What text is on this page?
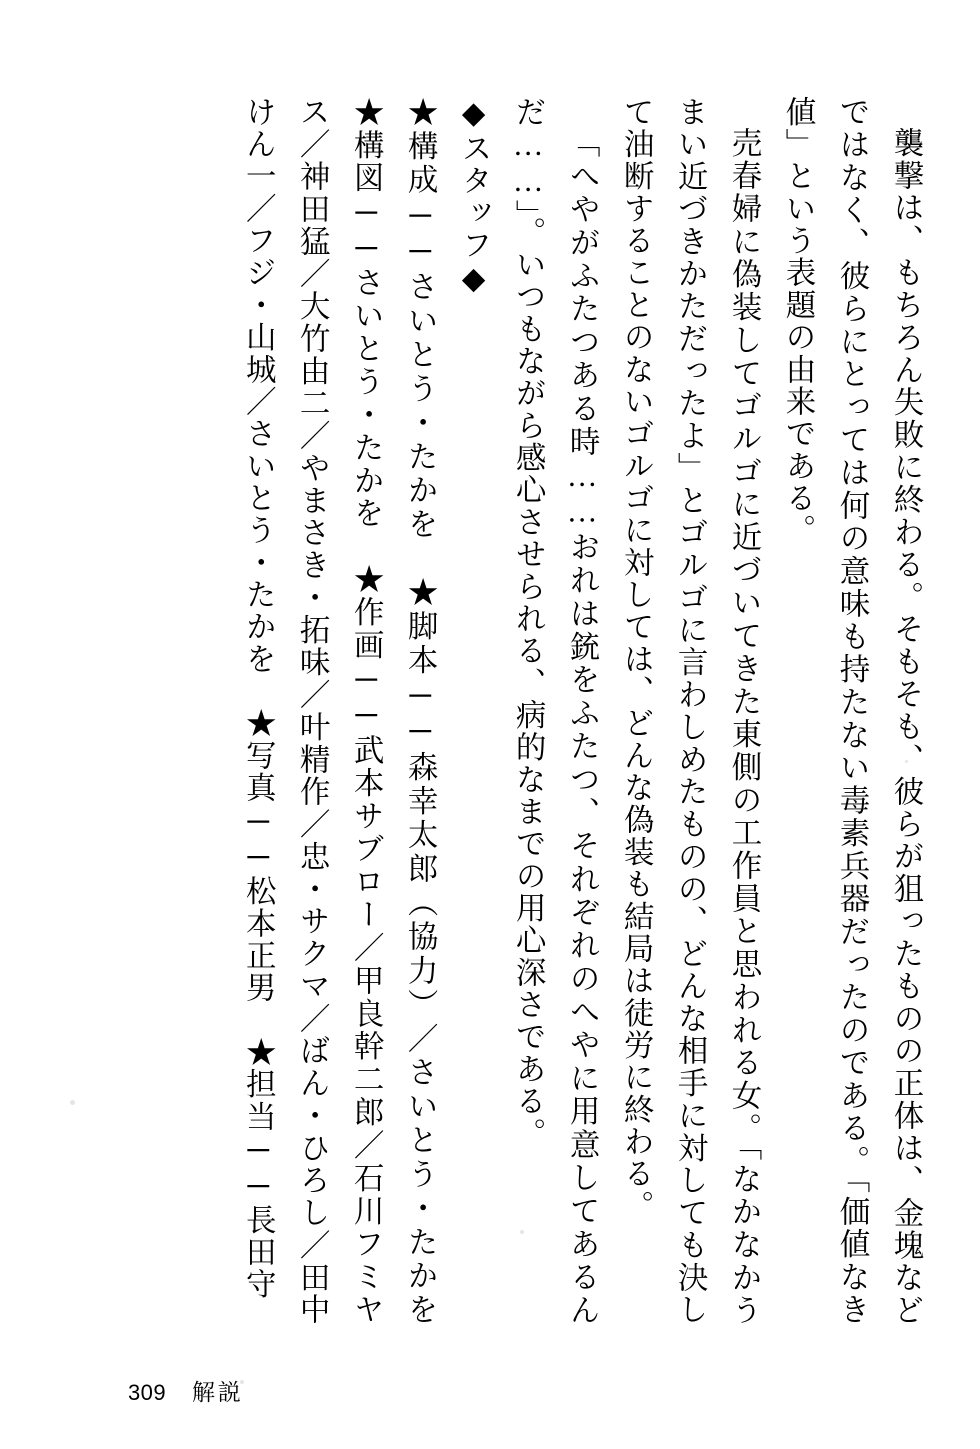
襲撃は、もちろん失敗に終わる。そもそも、彼らが狙ったものの正体は、金塊などではなく、彼らにとっては何の意味も持たない毒素兵器だったのである。「価値なき値」という表題の由来である。

売春婦に偽装してゴルゴに近づいてきた東側の工作員と思われる女。「なかなかうまい近づきかただったよ」とゴルゴに言わしめたものの、どんな相手に対しても決して油断することのないゴルゴに対しては、どんな偽装も結局は徒労に終わる。

「へやがふたつある時……おれは銃をふたつ、それぞれのへやに用意してあるんだ……」。いつもながら感心させられる、病的なまでの用心深さである。

◆スタッフ◆

★構成──さいとう・たかを　★脚本──森幸太郎（協力）／さいとう・たかを　★構図──さいとう・たかを　★作画──武本サブロー／甲良幹二郎／石川フミヤス／神田猛／大竹由二／やまさき・拓味／叶精作／忠・サクマ／ばん・ひろし／田中けん一／フジ・山城／さいとう・たかを　★写真──松本正男　★担当──長田守

309 解説
